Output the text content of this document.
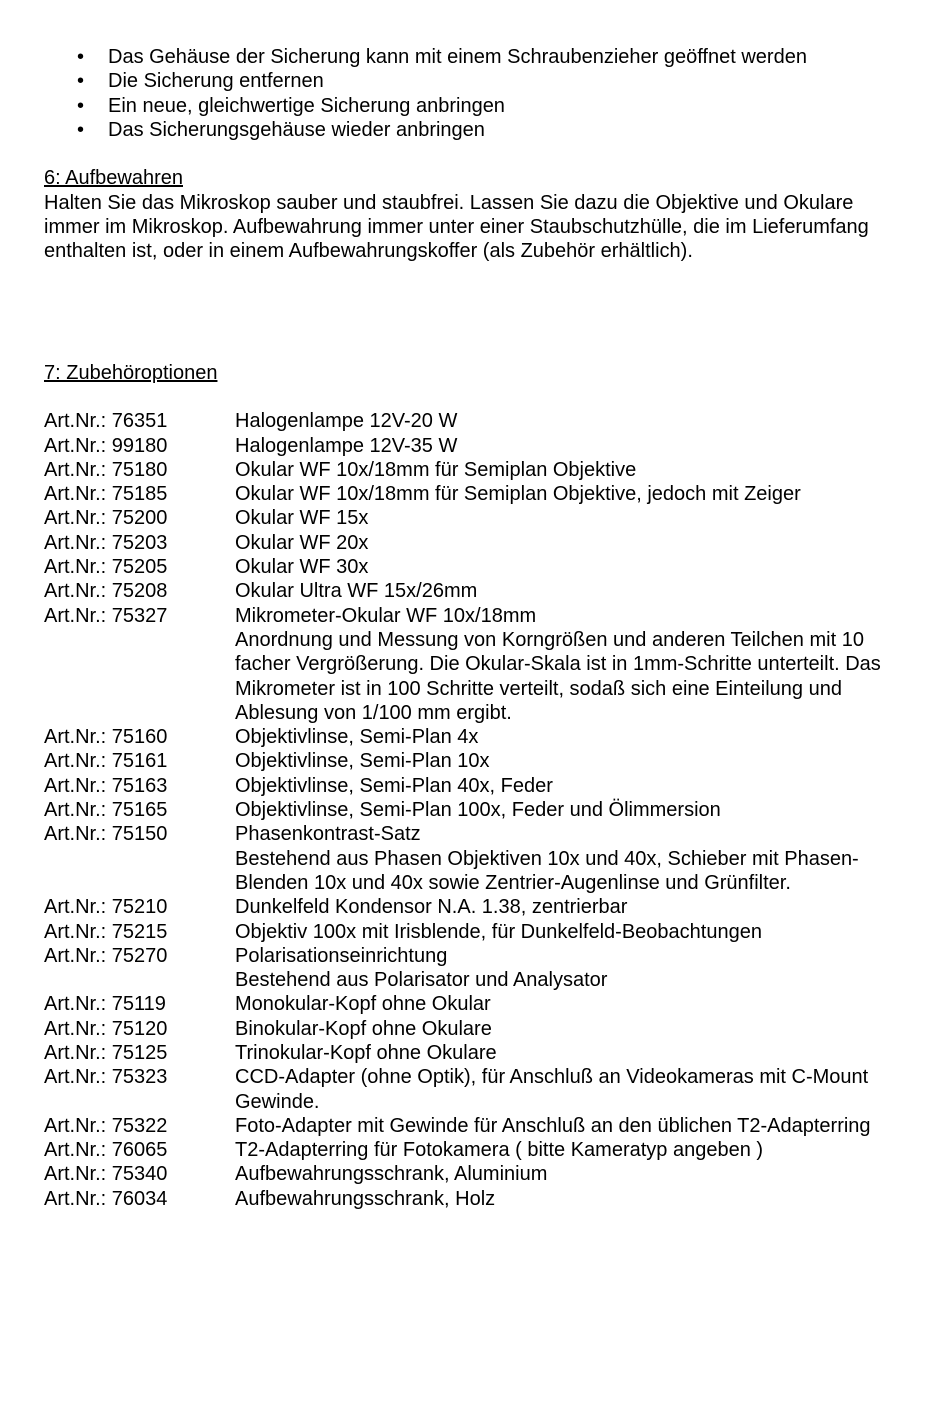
• Das Gehäuse der Sicherung kann mit einem Schraubenzieher geöffnet werden
• Die Sicherung entfernen
• Ein neue, gleichwertige Sicherung anbringen
• Das Sicherungsgehäuse wieder anbringen
6: Aufbewahren

Halten Sie das Mikroskop sauber und staubfrei. Lassen Sie dazu die Objektive und Okulare immer im Mikroskop. Aufbewahrung immer unter einer Staubschutzhülle, die im Lieferumfang enthalten ist, oder in einem Aufbewahrungskoffer (als Zubehör erhältlich).

7: Zubehöroptionen
Art.Nr.: 76351	Halogenlampe 12V-20 W
Art.Nr.: 99180	Halogenlampe 12V-35 W
Art.Nr.: 75180	Okular WF 10x/18mm für Semiplan Objektive
Art.Nr.: 75185	Okular WF 10x/18mm für Semiplan Objektive, jedoch mit Zeiger
Art.Nr.: 75200	Okular WF 15x
Art.Nr.: 75203	Okular WF 20x
Art.Nr.: 75205	Okular WF 30x
Art.Nr.: 75208	Okular Ultra WF 15x/26mm
Art.Nr.: 75327	Mikrometer-Okular WF 10x/18mm
Anordnung und Messung von Korngrößen und anderen Teilchen mit 10 facher Vergrößerung. Die Okular-Skala ist in 1mm-Schritte unterteilt. Das Mikrometer ist in 100 Schritte verteilt, sodaß sich eine Einteilung und Ablesung von 1/100 mm ergibt.
Art.Nr.: 75160	Objektivlinse, Semi-Plan 4x
Art.Nr.: 75161	Objektivlinse, Semi-Plan 10x
Art.Nr.: 75163	Objektivlinse, Semi-Plan 40x, Feder
Art.Nr.: 75165	Objektivlinse, Semi-Plan 100x, Feder und Ölimmersion
Art.Nr.: 75150	Phasenkontrast-Satz
Bestehend aus Phasen Objektiven 10x und 40x, Schieber mit Phasen-Blenden 10x und 40x sowie Zentrier-Augenlinse und Grünfilter.
Art.Nr.: 75210	Dunkelfeld Kondensor N.A. 1.38, zentrierbar
Art.Nr.: 75215	Objektiv 100x mit Irisblende, für Dunkelfeld-Beobachtungen
Art.Nr.: 75270	Polarisationseinrichtung
Bestehend aus Polarisator und Analysator
Art.Nr.: 75119	Monokular-Kopf ohne Okular
Art.Nr.: 75120	Binokular-Kopf ohne Okulare
Art.Nr.: 75125	Trinokular-Kopf ohne Okulare
Art.Nr.: 75323	CCD-Adapter (ohne Optik), für Anschluß an Videokameras mit C-Mount Gewinde.
Art.Nr.: 75322	Foto-Adapter mit Gewinde für Anschluß an den üblichen T2-Adapterring
Art.Nr.: 76065	T2-Adapterring für Fotokamera ( bitte Kameratyp angeben )
Art.Nr.: 75340	Aufbewahrungsschrank, Aluminium
Art.Nr.: 76034	Aufbewahrungsschrank, Holz
